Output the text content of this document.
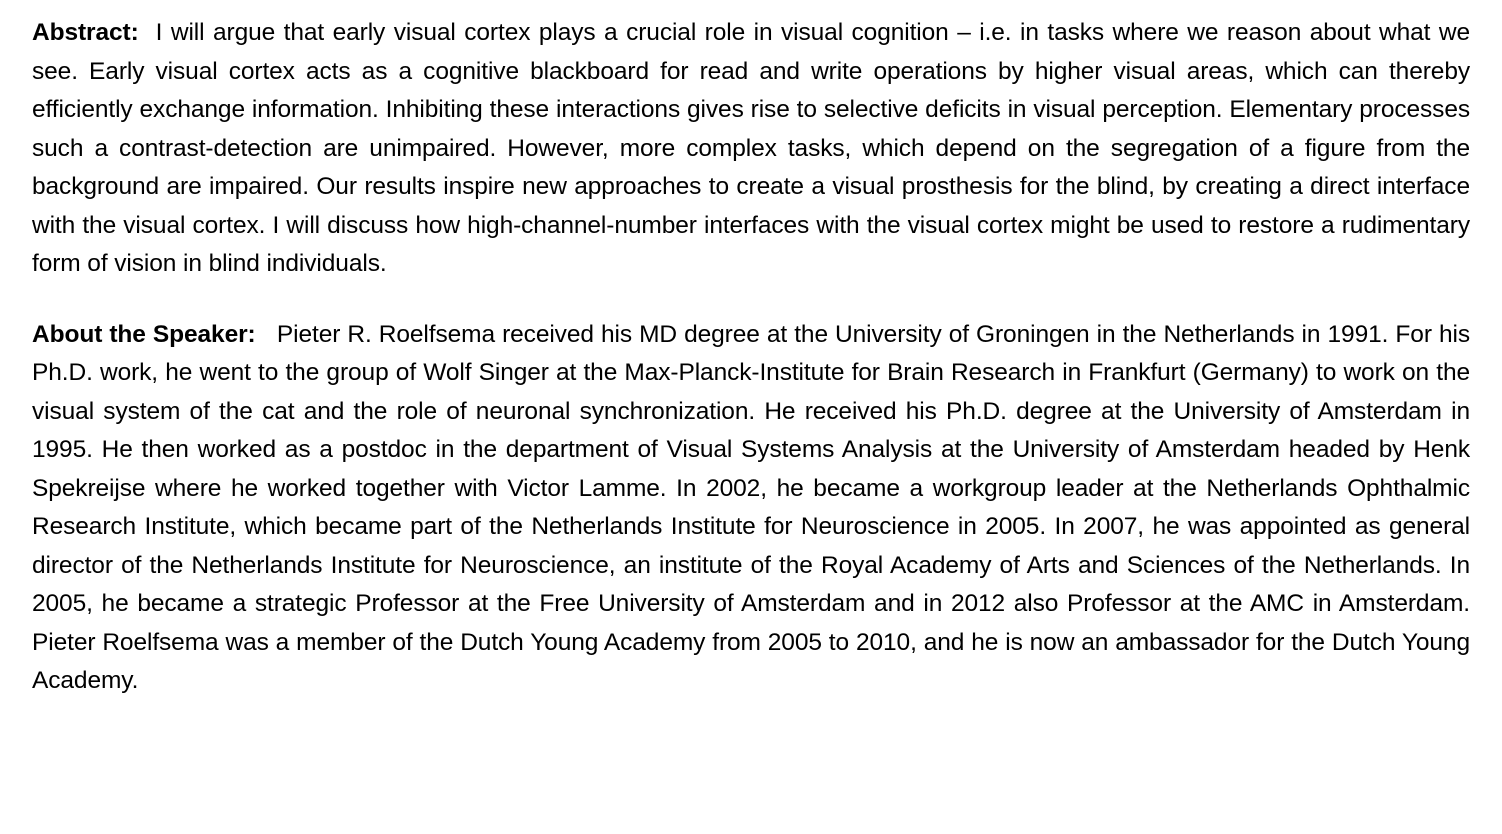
Abstract: I will argue that early visual cortex plays a crucial role in visual cognition – i.e. in tasks where we reason about what we see. Early visual cortex acts as a cognitive blackboard for read and write operations by higher visual areas, which can thereby efficiently exchange information. Inhibiting these interactions gives rise to selective deficits in visual perception. Elementary processes such a contrast-detection are unimpaired. However, more complex tasks, which depend on the segregation of a figure from the background are impaired. Our results inspire new approaches to create a visual prosthesis for the blind, by creating a direct interface with the visual cortex. I will discuss how high-channel-number interfaces with the visual cortex might be used to restore a rudimentary form of vision in blind individuals.

About the Speaker: Pieter R. Roelfsema received his MD degree at the University of Groningen in the Netherlands in 1991. For his Ph.D. work, he went to the group of Wolf Singer at the Max-Planck-Institute for Brain Research in Frankfurt (Germany) to work on the visual system of the cat and the role of neuronal synchronization. He received his Ph.D. degree at the University of Amsterdam in 1995. He then worked as a postdoc in the department of Visual Systems Analysis at the University of Amsterdam headed by Henk Spekreijse where he worked together with Victor Lamme. In 2002, he became a workgroup leader at the Netherlands Ophthalmic Research Institute, which became part of the Netherlands Institute for Neuroscience in 2005. In 2007, he was appointed as general director of the Netherlands Institute for Neuroscience, an institute of the Royal Academy of Arts and Sciences of the Netherlands. In 2005, he became a strategic Professor at the Free University of Amsterdam and in 2012 also Professor at the AMC in Amsterdam. Pieter Roelfsema was a member of the Dutch Young Academy from 2005 to 2010, and he is now an ambassador for the Dutch Young Academy.
